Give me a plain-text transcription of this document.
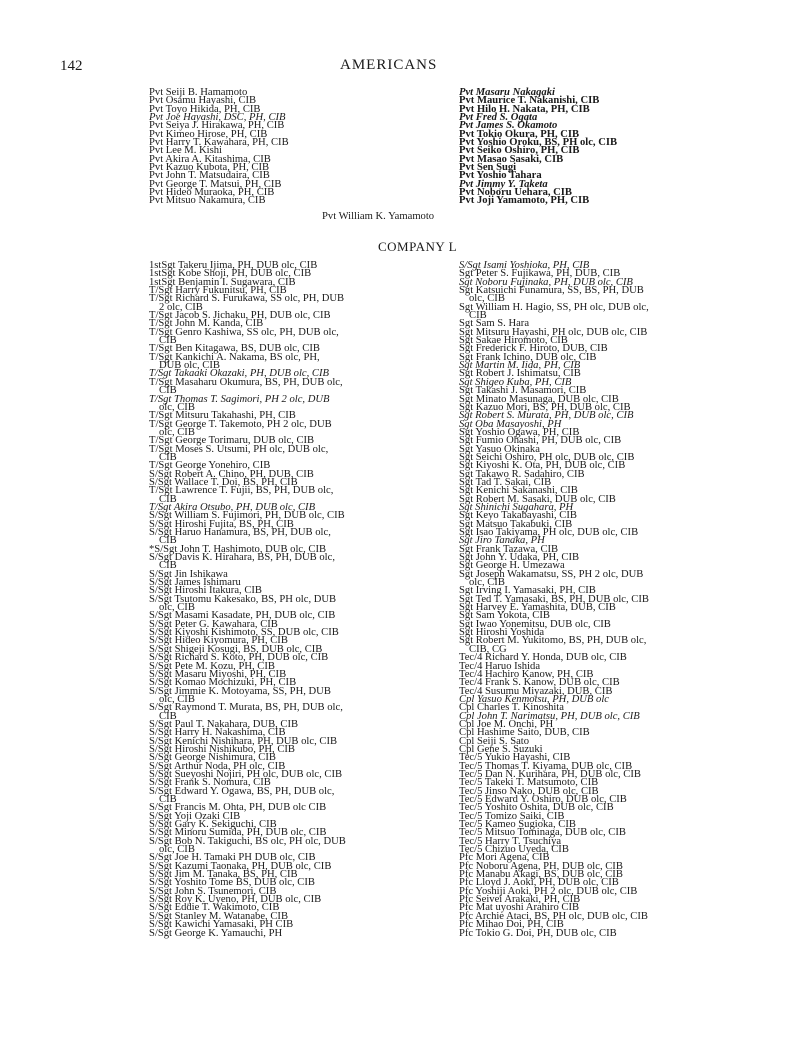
142	AMERICANS
Pvt Seiji B. Hamamoto
Pvt Osamu Hayashi, CIB
Pvt Toyo Hikida, PH, CIB
Pvt Joe Hayashi, DSC, PH, CIB
Pvt Seiya J. Hirakawa, PH, CIB
Pvt Kimeo Hirose, PH, CIB
Pvt Harry T. Kawahara, PH, CIB
Pvt Lee M. Kishi
Pvt Akira A. Kitashima, CIB
Pvt Kazuo Kubota, PH, CIB
Pvt John T. Matsudaira, CIB
Pvt George T. Matsui, PH, CIB
Pvt Hideo Muraoka, PH, CIB
Pvt Mitsuo Nakamura, CIB
Pvt Masaru Nakagaki
Pvt Maurice T. Nakanishi, CIB
Pvt Hilo H. Nakata, PH, CIB
Pvt Fred S. Ogata
Pvt James S. Okamoto
Pvt Tokio Okura, PH, CIB
Pvt Yoshio Oroku, BS, PH olc, CIB
Pvt Seiko Oshiro, PH, CIB
Pvt Masao Sasaki, CIB
Pvt Sen Sugi
Pvt Yoshio Tahara
Pvt Jimmy Y. Taketa
Pvt Noboru Uehara, CIB
Pvt Joji Yamamoto, PH, CIB
Pvt William K. Yamamoto
COMPANY L
1stSgt Takeru Ijima, PH, DUB olc, CIB
1stSgt Kobe Shoji, PH, DUB olc, CIB
1stSgt Benjamin I. Sugawara, CIB
T/Sgt Harry Fukunitsu, PH, CIB
T/Sgt Richard S. Furukawa, SS olc, PH, DUB
2 olc, CIB
T/Sgt Jacob S. Jichaku, PH, DUB olc, CIB
T/Sgt John M. Kanda, CIB
T/Sgt Genro Kashiwa, SS olc, PH, DUB olc,
CIB
T/Sgt Ben Kitagawa, BS, DUB olc, CIB
T/Sgt Kankichi A. Nakama, BS olc, PH,
DUB olc, CIB
T/Sgt Takaaki Okazaki, PH, DUB olc, CIB
T/Sgt Masaharu Okumura, BS, PH, DUB olc,
CIB
T/Sgt Thomas T. Sagimori, PH 2 olc, DUB
olc, CIB
T/Sgt Mitsuru Takahashi, PH, CIB
T/Sgt George T. Takemoto, PH 2 olc, DUB
olc, CIB
T/Sgt George Torimaru, DUB olc, CIB
T/Sgt Moses S. Utsumi, PH olc, DUB olc,
CIB
T/Sgt George Yonehiro, CIB
S/Sgt Robert A. Chino, PH, DUB, CIB
S/Sgt Wallace T. Doi, BS, PH, CIB
T/Sgt Lawrence T. Fujii, BS, PH, DUB olc,
CIB
T/Sgt Akira Otsubo, PH, DUB olc, CIB
S/Sgt William S. Fujimori, PH, DUB olc, CIB
S/Sgt Hiroshi Fujita, BS, PH, CIB
S/Sgt Haruo Hanamura, BS, PH, DUB olc,
CIB
*S/Sgt John T. Hashimoto, DUB olc, CIB
S/Sgt Davis K. Hirahara, BS, PH, DUB olc,
CIB
S/Sgt Jin Ishikawa
S/Sgt James Ishimaru
S/Sgt Hiroshi Itakura, CIB
S/Sgt Tsutomu Kakesako, BS, PH olc, DUB
olc, CIB
S/Sgt Masami Kasadate, PH, DUB olc, CIB
S/Sgt Peter G. Kawahara, CIB
S/Sgt Kiyoshi Kishimoto, SS, DUB olc, CIB
S/Sgt Hideo Kiyomura, PH, CIB
S/Sgt Shigeji Kosugi, BS, DUB olc, CIB
S/Sgt Richard S. Koto, PH, DUB olc, CIB
S/Sgt Pete M. Kozu, PH, CIB
S/Sgt Masaru Miyoshi, PH, CIB
S/Sgt Komao Mochizuki, PH, CIB
S/Sgt Jimmie K. Motoyama, SS, PH, DUB
olc, CIB
S/Sgt Raymond T. Murata, BS, PH, DUB olc,
CIB
S/Sgt Paul T. Nakahara, DUB, CIB
S/Sgt Harry H. Nakashima, CIB
S/Sgt Kenichi Nishihara, PH, DUB olc, CIB
S/Sgt Hiroshi Nishikubo, PH, CIB
S/Sgt George Nishimura, CIB
S/Sgt Arthur Noda, PH olc, CIB
S/Sgt Sueyoshi Nojiri, PH olc, DUB olc, CIB
S/Sgt Frank S. Nomura, CIB
S/Sgt Edward Y. Ogawa, BS, PH, DUB olc,
CIB
S/Sgt Francis M. Ohta, PH, DUB olc CIB
S/Sgt Yoji Ozaki CIB
S/Sgt Gary K. Sekiguchi, CIB
S/Sgt Minoru Sumida, PH, DUB olc, CIB
S/Sgt Bob N. Takiguchi, BS olc, PH olc, DUB
olc, CIB
S/Sgt Joe H. Tamaki PH DUB olc, CIB
S/Sgt Kazumi Taonaka, PH, DUB olc, CIB
S/Sgt Jim M. Tanaka, BS, PH, CIB
S/Sgt Yoshito Tome BS, DUB olc, CIB
S/Sgt John S. Tsunemori, CIB
S/Sgt Roy K. Uyeno, PH, DUB olc, CIB
S/Sgt Eddie T. Wakimoto, CIB
S/Sgt Stanley M. Watanabe, CIB
S/Sgt Kawichi Yamasaki, PH CIB
S/Sgt George K. Yamauchi, PH
S/Sgt Isami Yoshioka, PH, CIB
Sgt Peter S. Fujikawa, PH, DUB, CIB
Sgt Noboru Fujinaka, PH, DUB olc, CIB
Sgt Katsuichi Funamura, SS, BS, PH, DUB
olc, CIB
Sgt William H. Hagio, SS, PH olc, DUB olc,
CIB
Sgt Sam S. Hara
Sgt Mitsuru Hayashi, PH olc, DUB olc, CIB
Sgt Sakae Hiromoto, CIB
Sgt Frederick F. Hiroto, DUB, CIB
Sgt Frank Ichino, DUB olc, CIB
Sgt Martin M. Iida, PH, CIB
Sgt Robert J. Ishimatsu, CIB
Sgt Shigeo Kuba, PH, CIB
Sgt Takashi J. Masamori, CIB
Sgt Minato Masunaga, DUB olc, CIB
Sgt Kazuo Mori, BS, PH, DUB olc, CIB
Sgt Robert S. Murata, PH, DUB olc, CIB
Sgt Oba Masayoshi, PH
Sgt Yoshio Ogawa, PH, CIB
Sgt Fumio Ohashi, PH, DUB olc, CIB
Sgt Yasuo Okinaka
Sgt Seichi Oshiro, PH olc, DUB olc, CIB
Sgt Kiyoshi K. Ota, PH, DUB olc, CIB
Sgt Takawo R. Sadahiro, CIB
Sgt Tad T. Sakai, CIB
Sgt Kenichi Sakanashi, CIB
Sgt Robert M. Sasaki, DUB olc, CIB
Sgt Shinichi Sugahara, PH
Sgt Keyo Takabayashi, CIB
Sgt Matsuo Takabuki, CIB
Sgt Isao Takiyama, PH olc, DUB olc, CIB
Sgt Jiro Tanaka, PH
Sgt Frank Tazawa, CIB
Sgt John Y. Udaka, PH, CIB
Sgt George H. Umezawa
Sgt Joseph Wakamatsu, SS, PH 2 olc, DUB
olc, CIB
Sgt Irving I. Yamasaki, PH, CIB
Sgt Ted T. Yamasaki, BS, PH, DUB olc, CIB
Sgt Harvey E. Yamashita, DUB, CIB
Sgt Sam Yokota, CIB
Sgt Iwao Yonemitsu, DUB olc, CIB
Sgt Hiroshi Yoshida
Sgt Robert M. Yukitomo, BS, PH, DUB olc,
CIB, CG
Tec/4 Richard Y. Honda, DUB olc, CIB
Tec/4 Haruo Ishida
Tec/4 Hachiro Kanow, PH, CIB
Tec/4 Frank S. Kanow, DUB olc, CIB
Tec/4 Susumu Miyazaki, DUB, CIB
Cpl Yasuo Kenmotsu, PH, DUB olc
Cpl Charles T. Kinoshita
Cpl John T. Narimatsu, PH, DUB olc, CIB
Cpl Joe M. Onchi, PH
Cpl Hashime Saito, DUB, CIB
Cpl Seiji S. Sato
Cpl Gene S. Suzuki
Tec/5 Yukio Hayashi, CIB
Tec/5 Thomas T. Kiyama, DUB olc, CIB
Tec/5 Dan N. Kurihara, PH, DUB olc, CIB
Tec/5 Takeki T. Matsumoto, CIB
Tec/5 Jinso Nako, DUB olc, CIB
Tec/5 Edward Y. Oshiro, DUB olc, CIB
Tec/5 Yoshito Oshita, DUB olc, CIB
Tec/5 Tomizo Saiki, CIB
Tec/5 Kameo Sugioka, CIB
Tec/5 Mitsuo Tominaga, DUB olc, CIB
Tec/5 Harry T. Tsuchiya
Tec/5 Chizuo Uyeda, CIB
Pfc Mori Agena, CIB
Pfc Noboru Agena, PH, DUB olc, CIB
Pfc Manabu Akagi, BS, DUB olc, CIB
Pfc Lloyd J. Aoki, PH, DUB olc, CIB
Pfc Yoshiji Aoki, PH 2 olc, DUB olc, CIB
Pfc Seivei Arakaki, PH, CIB
Pfc Mat uyoshi Arahiro CIB
Pfc Archie Ataci, BS, PH olc, DUB olc, CIB
Pfc Mihao Doi, PH, CIB
Pfc Tokio G. Doi, PH, DUB olc, CIB
